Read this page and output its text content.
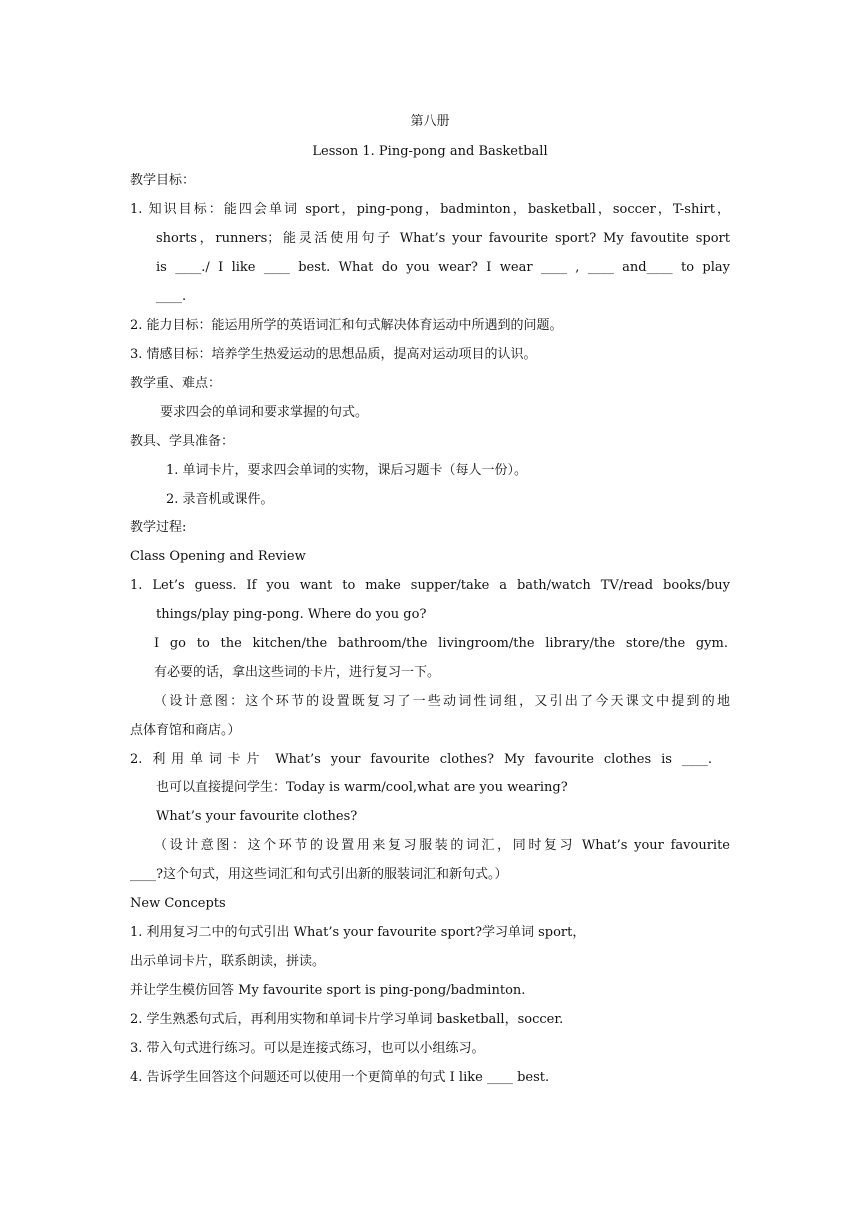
第八册
Lesson 1. Ping-pong and Basketball
教学目标：
1. 知识目标：能四会单词 sport，ping-pong，badminton，basketball，soccer，T-shirt，
shorts，runners；能灵活使用句子 What’s your favourite sport? My favoutite sport
is ____./ I like ____ best. What do you wear? I wear ____ , ____ and____ to play
____.
2. 能力目标：能运用所学的英语词汇和句式解决体育运动中所遇到的问题。
3. 情感目标：培养学生热爱运动的思想品质，提高对运动项目的认识。
教学重、难点：
要求四会的单词和要求掌握的句式。
教具、学具准备：
1. 单词卡片，要求四会单词的实物，课后习题卡（每人一份）。
2. 录音机或课件。
教学过程:
Class Opening and Review
1. Let’s guess. If you want to make supper/take a bath/watch TV/read books/buy
things/play ping-pong. Where do you go?
I go to the kitchen/the bathroom/the livingroom/the library/the store/the gym.
有必要的话，拿出这些词的卡片，进行复习一下。
（设计意图：这个环节的设置既复习了一些动词性词组，又引出了今天课文中提到的地
点体育馆和商店。）
2. 利用单词卡片 What’s your favourite clothes? My favourite clothes is ____.
也可以直接提问学生：Today is warm/cool,what are you wearing?
What’s your favourite clothes?
（设计意图：这个环节的设置用来复习服装的词汇，同时复习 What’s your favourite
____?这个句式，用这些词汇和句式引出新的服装词汇和新句式。）
New Concepts
1. 利用复习二中的句式引出 What’s your favourite sport?学习单词 sport，
出示单词卡片，联系朗读，拼读。
并让学生模仿回答 My favourite sport is ping-pong/badminton.
2. 学生熟悉句式后，再利用实物和单词卡片学习单词 basketball，soccer.
3. 带入句式进行练习。可以是连接式练习，也可以小组练习。
4. 告诉学生回答这个问题还可以使用一个更简单的句式 I like ____ best.
